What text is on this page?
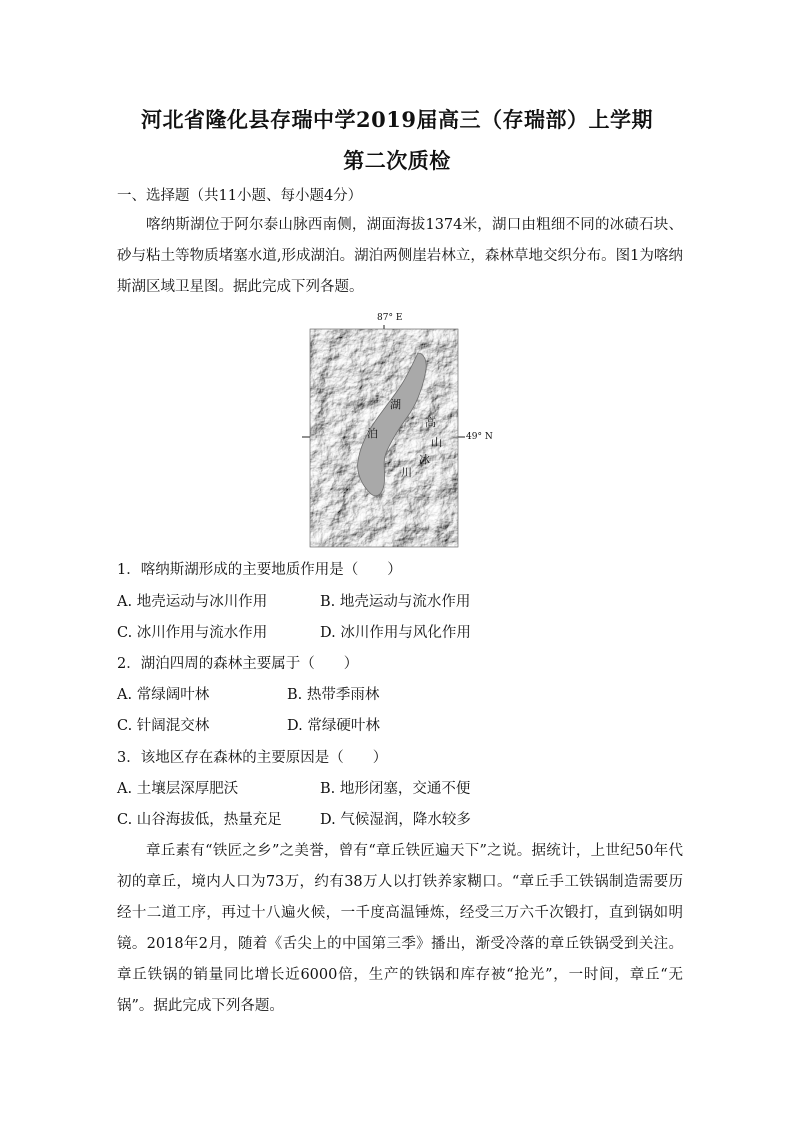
河北省隆化县存瑞中学2019届高三（存瑞部）上学期
第二次质检
一、选择题（共11小题、每小题4分）
喀纳斯湖位于阿尔泰山脉西南侧，湖面海拔1374米，湖口由粗细不同的冰碛石块、砂与粘土等物质堵塞水道,形成湖泊。湖泊两侧崖岩林立，森林草地交织分布。图1为喀纳斯湖区域卫星图。据此完成下列各题。
87° E
49° N
湖
泊
高
山
冰
川
1．喀纳斯湖形成的主要地质作用是（　　）
A. 地壳运动与冰川作用	B. 地壳运动与流水作用
C. 冰川作用与流水作用	D. 冰川作用与风化作用
2．湖泊四周的森林主要属于（　　）
A. 常绿阔叶林	B. 热带季雨林
C. 针阔混交林	D. 常绿硬叶林
3．该地区存在森林的主要原因是（　　）
A. 土壤层深厚肥沃	B. 地形闭塞，交通不便
C. 山谷海拔低，热量充足	D. 气候湿润，降水较多
章丘素有“铁匠之乡”之美誉，曾有“章丘铁匠遍天下”之说。据统计，上世纪50年代初的章丘，境内人口为73万，约有38万人以打铁养家糊口。“章丘手工铁锅制造需要历经十二道工序，再过十八遍火候，一千度高温锤炼，经受三万六千次锻打，直到锅如明镜。2018年2月，随着《舌尖上的中国第三季》播出，渐受冷落的章丘铁锅受到关注。章丘铁锅的销量同比增长近6000倍，生产的铁锅和库存被“抢光”，一时间，章丘“无锅”。据此完成下列各题。
